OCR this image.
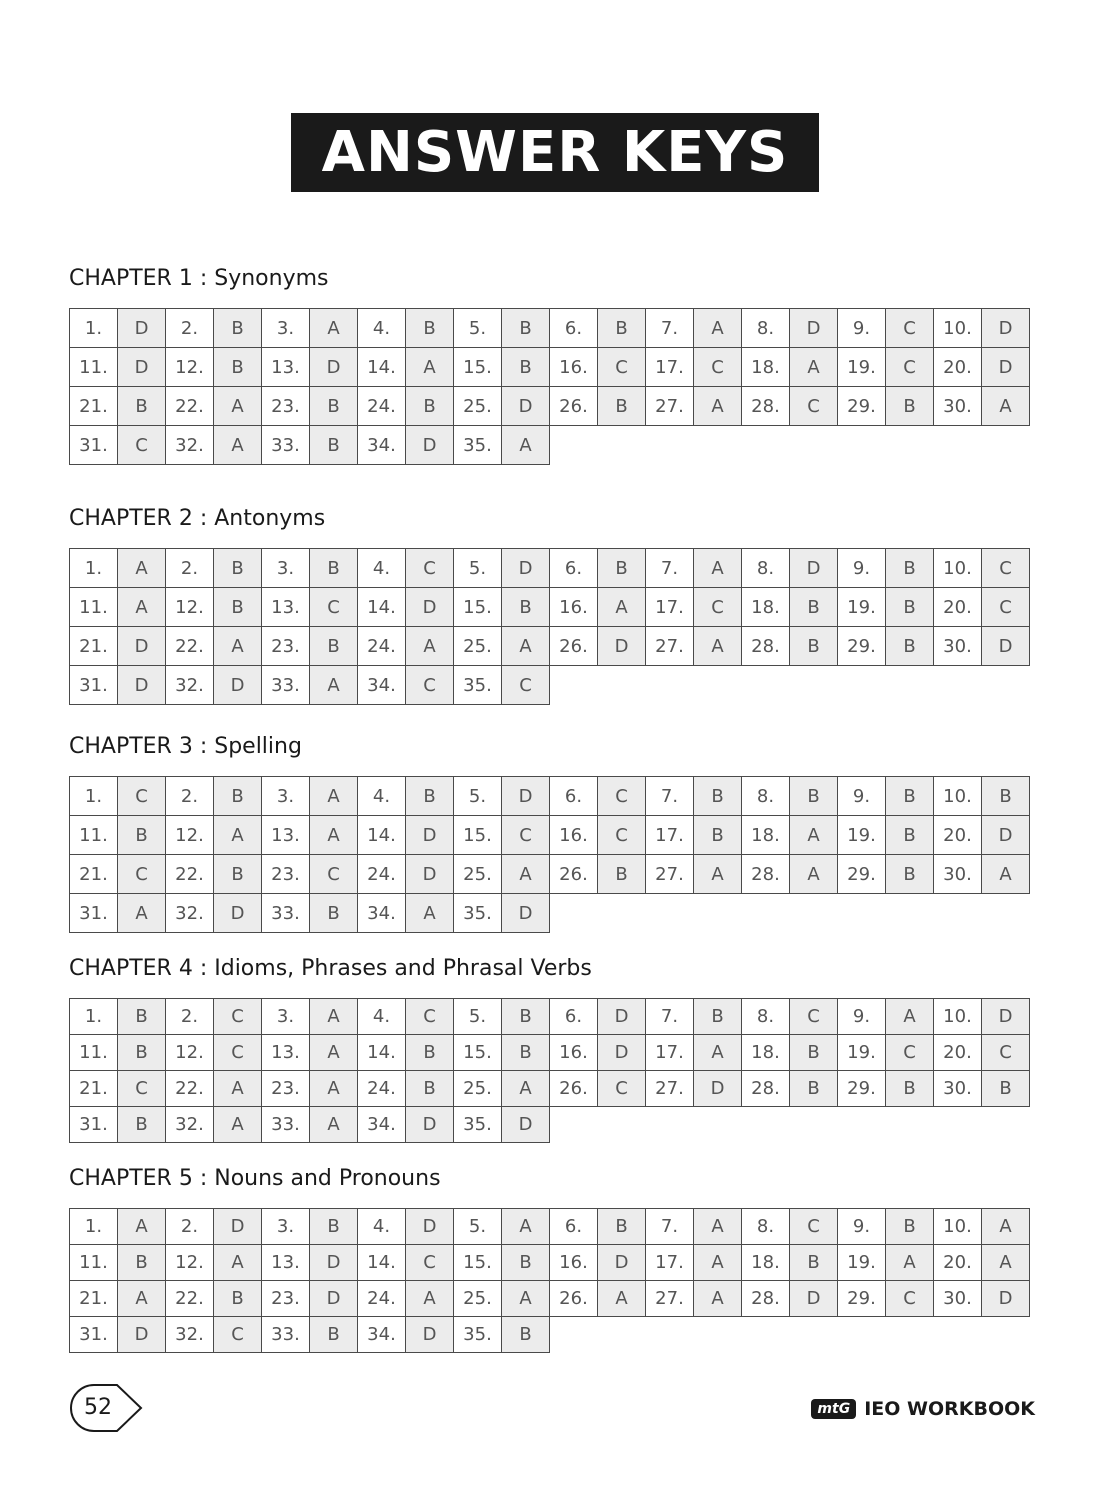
ANSWER KEYS
CHAPTER 1 : Synonyms
1.	D	2.	B	3.	A	4.	B	5.	B	6.	B	7.	A	8.	D	9.	C	10.	D
11.	D	12.	B	13.	D	14.	A	15.	B	16.	C	17.	C	18.	A	19.	C	20.	D
21.	B	22.	A	23.	B	24.	B	25.	D	26.	B	27.	A	28.	C	29.	B	30.	A
31.	C	32.	A	33.	B	34.	D	35.	A										
CHAPTER 2 : Antonyms
1.	A	2.	B	3.	B	4.	C	5.	D	6.	B	7.	A	8.	D	9.	B	10.	C
11.	A	12.	B	13.	C	14.	D	15.	B	16.	A	17.	C	18.	B	19.	B	20.	C
21.	D	22.	A	23.	B	24.	A	25.	A	26.	D	27.	A	28.	B	29.	B	30.	D
31.	D	32.	D	33.	A	34.	C	35.	C										
CHAPTER 3 : Spelling
1.	C	2.	B	3.	A	4.	B	5.	D	6.	C	7.	B	8.	B	9.	B	10.	B
11.	B	12.	A	13.	A	14.	D	15.	C	16.	C	17.	B	18.	A	19.	B	20.	D
21.	C	22.	B	23.	C	24.	D	25.	A	26.	B	27.	A	28.	A	29.	B	30.	A
31.	A	32.	D	33.	B	34.	A	35.	D										
CHAPTER 4 : Idioms, Phrases and Phrasal Verbs
1.	B	2.	C	3.	A	4.	C	5.	B	6.	D	7.	B	8.	C	9.	A	10.	D
11.	B	12.	C	13.	A	14.	B	15.	B	16.	D	17.	A	18.	B	19.	C	20.	C
21.	C	22.	A	23.	A	24.	B	25.	A	26.	C	27.	D	28.	B	29.	B	30.	B
31.	B	32.	A	33.	A	34.	D	35.	D										
CHAPTER 5 : Nouns and Pronouns
1.	A	2.	D	3.	B	4.	D	5.	A	6.	B	7.	A	8.	C	9.	B	10.	A
11.	B	12.	A	13.	D	14.	C	15.	B	16.	D	17.	A	18.	B	19.	A	20.	A
21.	A	22.	B	23.	D	24.	A	25.	A	26.	A	27.	A	28.	D	29.	C	30.	D
31.	D	32.	C	33.	B	34.	D	35.	B										
52	mtG IEO WORKBOOK
